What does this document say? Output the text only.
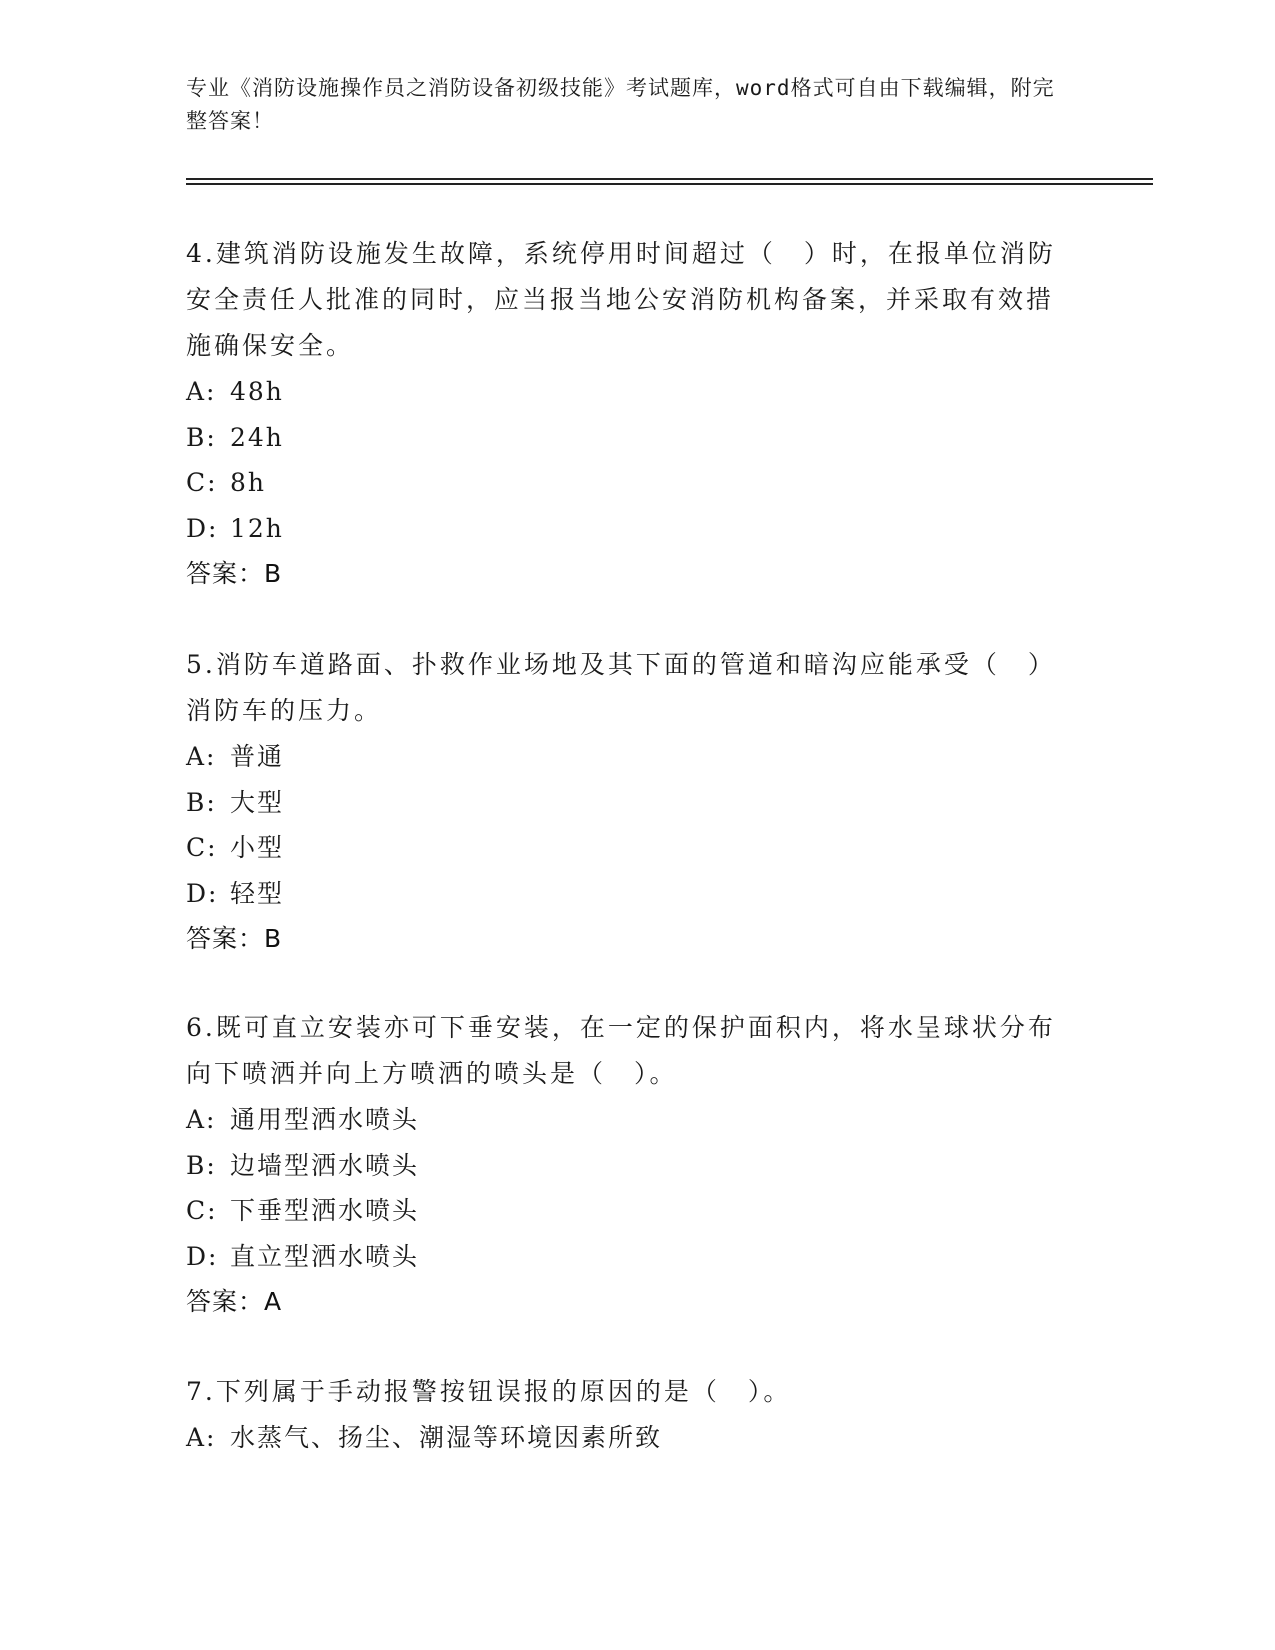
专业《消防设施操作员之消防设备初级技能》考试题库，word格式可自由下载编辑，附完整答案！

4.建筑消防设施发生故障，系统停用时间超过（　）时，在报单位消防安全责任人批准的同时，应当报当地公安消防机构备案，并采取有效措施确保安全。

A: 48h
B: 24h
C: 8h
D: 12h
答案：B

5.消防车道路面、扑救作业场地及其下面的管道和暗沟应能承受（　）消防车的压力。

A: 普通
B: 大型
C: 小型
D: 轻型
答案：B

6.既可直立安装亦可下垂安装，在一定的保护面积内，将水呈球状分布向下喷洒并向上方喷洒的喷头是（　）。

A: 通用型洒水喷头
B: 边墙型洒水喷头
C: 下垂型洒水喷头
D: 直立型洒水喷头
答案：A

7.下列属于手动报警按钮误报的原因的是（　）。

A: 水蒸气、扬尘、潮湿等环境因素所致
